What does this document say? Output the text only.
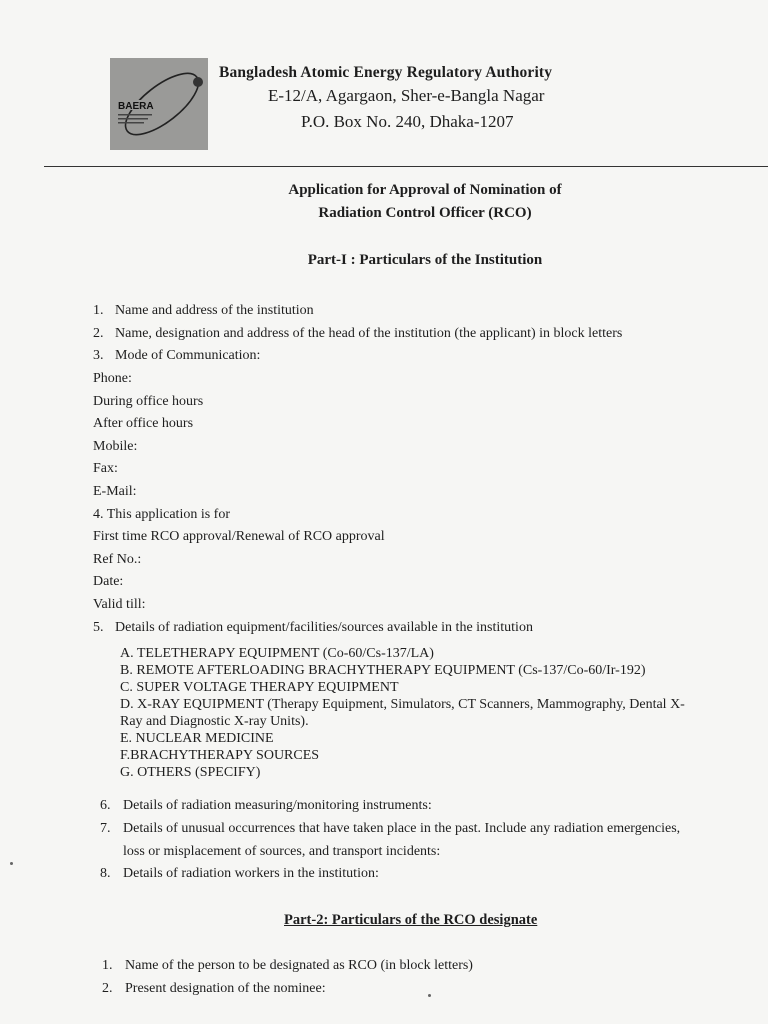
BAERA
Bangladesh Atomic Energy Regulatory Authority
E-12/A, Agargaon, Sher-e-Bangla Nagar
P.O. Box No. 240, Dhaka-1207
Application for Approval of Nomination of
Radiation Control Officer (RCO)
Part-I : Particulars of the Institution
1. Name and address of the institution
2. Name, designation and address of the head of the institution (the applicant) in block letters
3. Mode of Communication:
Phone:
During office hours
After office hours
Mobile:
Fax:
E-Mail:
4. This application is for
First time RCO approval/Renewal of RCO approval
Ref No.:
Date:
Valid till:
5. Details of radiation equipment/facilities/sources available in the institution
A. TELETHERAPY EQUIPMENT (Co-60/Cs-137/LA)
B. REMOTE AFTERLOADING BRACHYTHERAPY EQUIPMENT (Cs-137/Co-60/Ir-192)
C. SUPER VOLTAGE THERAPY EQUIPMENT
D. X-RAY EQUIPMENT (Therapy Equipment, Simulators, CT Scanners, Mammography, Dental X-
Ray and Diagnostic X-ray Units).
E. NUCLEAR MEDICINE
F.BRACHYTHERAPY SOURCES
G. OTHERS (SPECIFY)
6. Details of radiation measuring/monitoring instruments:
7. Details of unusual occurrences that have taken place in the past. Include any radiation emergencies,
loss or misplacement of sources, and transport incidents:
8. Details of radiation workers in the institution:
Part-2: Particulars of the RCO designate
1. Name of the person to be designated as RCO (in block letters)
2. Present designation of the nominee:
